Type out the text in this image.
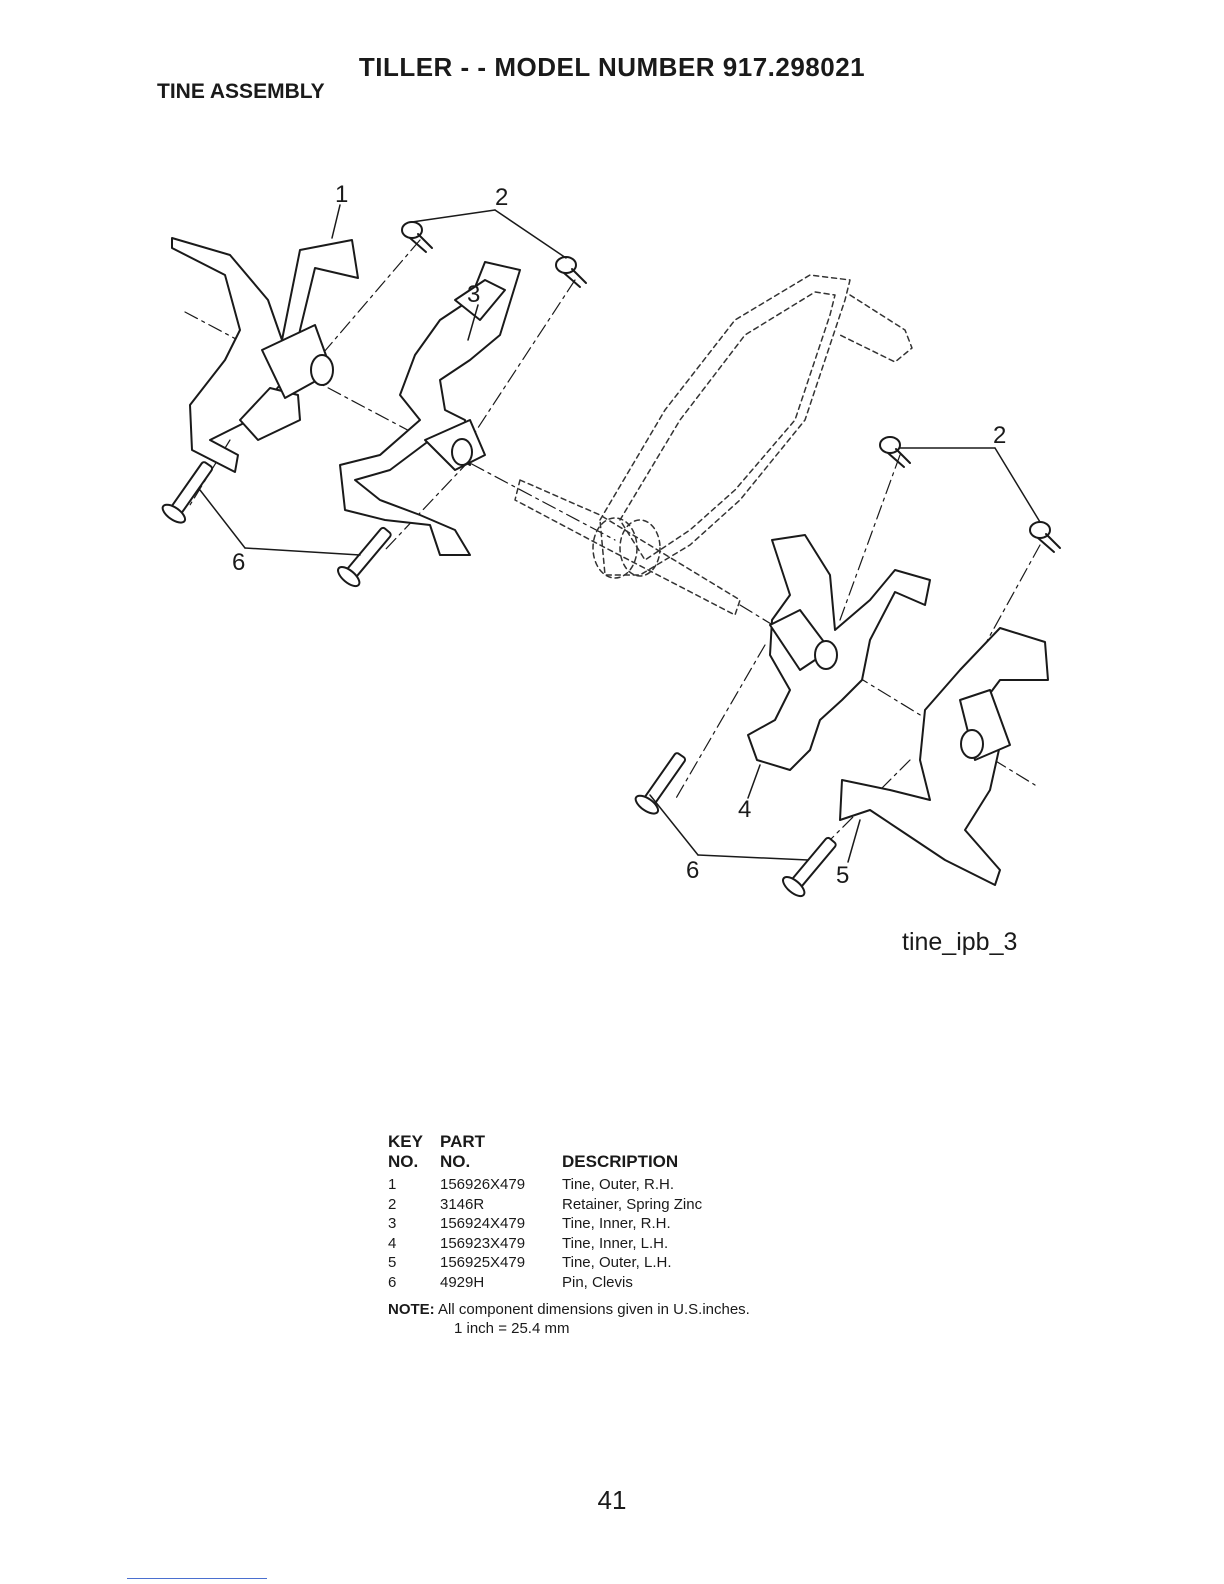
TILLER - - MODEL NUMBER 917.298021
TINE ASSEMBLY
1	2
3
2
6
4
6	5
tine_ipb_3
KEY	PART
NO.	NO.	DESCRIPTION
1	156926X479	Tine, Outer, R.H.
2	3146R	Retainer, Spring Zinc
3	156924X479	Tine, Inner, R.H.
4	156923X479	Tine, Inner, L.H.
5	156925X479	Tine, Outer, L.H.
6	4929H	Pin, Clevis
NOTE: All component dimensions given in U.S.inches.
1 inch = 25.4 mm
41
